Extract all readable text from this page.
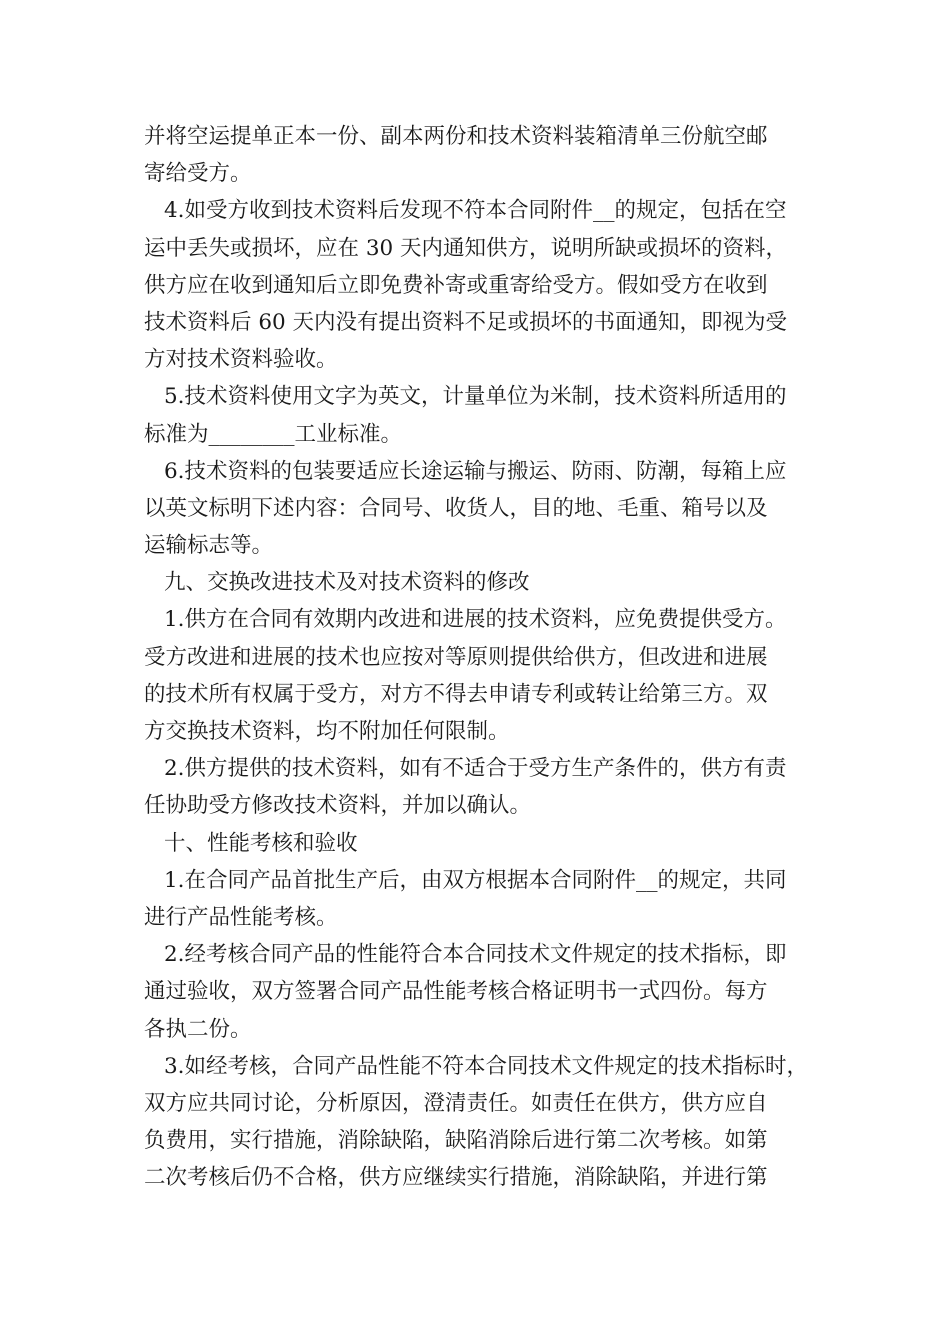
并将空运提单正本一份、副本两份和技术资料装箱清单三份航空邮
寄给受方。
4.如受方收到技术资料后发现不符本合同附件__的规定，包括在空
运中丢失或损坏，应在 30 天内通知供方，说明所缺或损坏的资料，
供方应在收到通知后立即免费补寄或重寄给受方。假如受方在收到
技术资料后 60 天内没有提出资料不足或损坏的书面通知，即视为受
方对技术资料验收。
5.技术资料使用文字为英文，计量单位为米制，技术资料所适用的
标准为________工业标准。
6.技术资料的包装要适应长途运输与搬运、防雨、防潮，每箱上应
以英文标明下述内容：合同号、收货人，目的地、毛重、箱号以及
运输标志等。
九、交换改进技术及对技术资料的修改
1.供方在合同有效期内改进和进展的技术资料，应免费提供受方。
受方改进和进展的技术也应按对等原则提供给供方，但改进和进展
的技术所有权属于受方，对方不得去申请专利或转让给第三方。双
方交换技术资料，均不附加任何限制。
2.供方提供的技术资料，如有不适合于受方生产条件的，供方有责
任协助受方修改技术资料，并加以确认。
十、性能考核和验收
1.在合同产品首批生产后，由双方根据本合同附件__的规定，共同
进行产品性能考核。
2.经考核合同产品的性能符合本合同技术文件规定的技术指标，即
通过验收，双方签署合同产品性能考核合格证明书一式四份。每方
各执二份。
3.如经考核，合同产品性能不符本合同技术文件规定的技术指标时，
双方应共同讨论，分析原因，澄清责任。如责任在供方，供方应自
负费用，实行措施，消除缺陷，缺陷消除后进行第二次考核。如第
二次考核后仍不合格，供方应继续实行措施，消除缺陷，并进行第
